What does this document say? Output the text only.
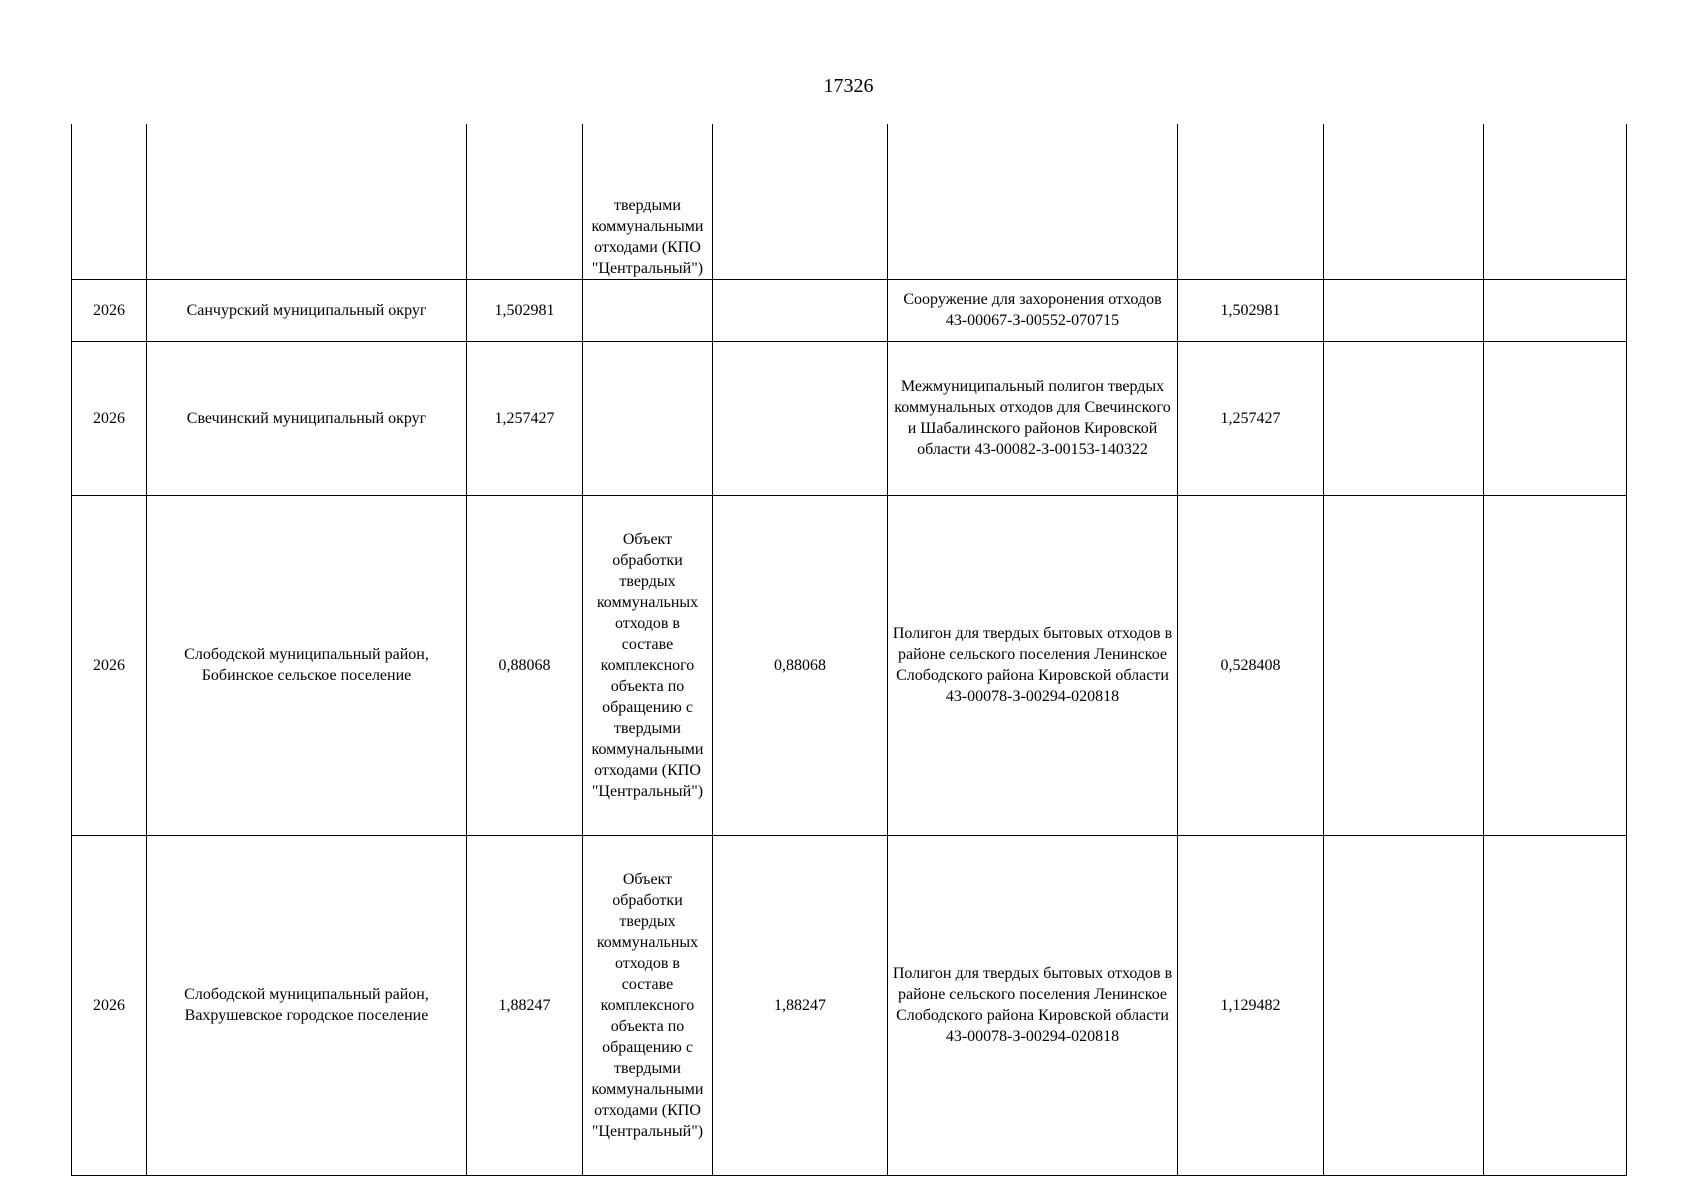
17326

			твердыми коммунальными отходами (КПО "Центральный")					

2026	Санчурский муниципальный округ	1,502981			Сооружение для захоронения отходов 43-00067-З-00552-070715	1,502981		
2026	Свечинский муниципальный округ	1,257427			Межмуниципальный полигон твердых коммунальных отходов для Свечинского и Шабалинского районов Кировской области 43-00082-З-00153-140322	1,257427		
2026	Слободской муниципальный район, Бобинское сельское поселение	0,88068	Объект обработки твердых коммунальных отходов в составе комплексного объекта по обращению с твердыми коммунальными отходами (КПО "Центральный")	0,88068	Полигон для твердых бытовых отходов в районе сельского поселения Ленинское Слободского района Кировской области 43-00078-З-00294-020818	0,528408		
2026	Слободской муниципальный район, Вахрушевское городское поселение	1,88247	Объект обработки твердых коммунальных отходов в составе комплексного объекта по обращению с твердыми коммунальными отходами (КПО "Центральный")	1,88247	Полигон для твердых бытовых отходов в районе сельского поселения Ленинское Слободского района Кировской области 43-00078-З-00294-020818	1,129482		
